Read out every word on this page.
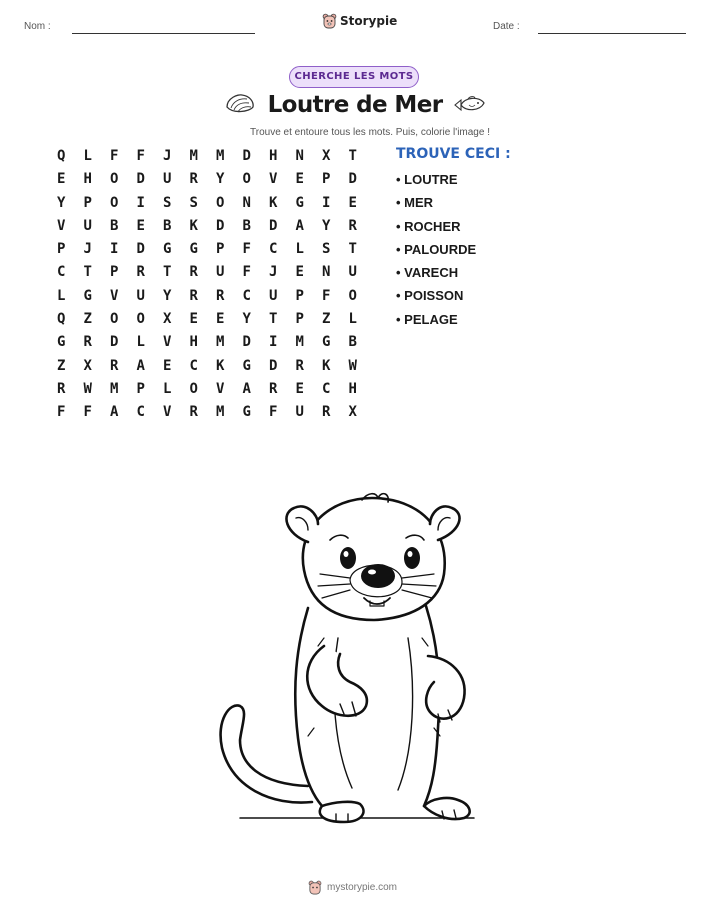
Nom :	Storypie	Date :
CHERCHE LES MOTS
Loutre de Mer
Trouve et entoure tous les mots. Puis, colorie l'image !
Q	L	F	F	J	M	M	D	H	N	X	T
E	H	O	D	U	R	Y	O	V	E	P	D
Y	P	O	I	S	S	O	N	K	G	I	E
V	U	B	E	B	K	D	B	D	A	Y	R
P	J	I	D	G	G	P	F	C	L	S	T
C	T	P	R	T	R	U	F	J	E	N	U
L	G	V	U	Y	R	R	C	U	P	F	O
Q	Z	O	O	X	E	E	Y	T	P	Z	L
G	R	D	L	V	H	M	D	I	M	G	B
Z	X	R	A	E	C	K	G	D	R	K	W
R	W	M	P	L	O	V	A	R	E	C	H
F	F	A	C	V	R	M	G	F	U	R	X
TROUVE CECI :
• LOUTRE
• MER
• ROCHER
• PALOURDE
• VARECH
• POISSON
• PELAGE
mystorypie.com
